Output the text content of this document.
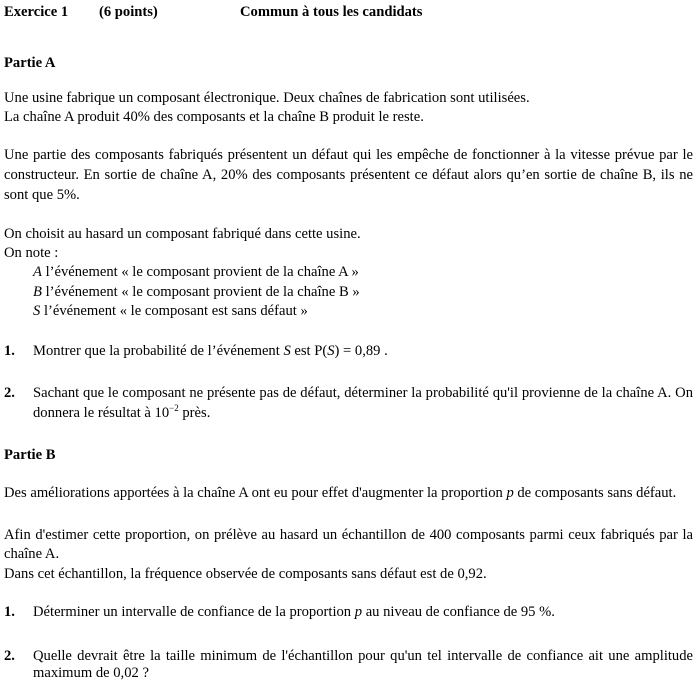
Exercice 1 (6 points)	Commun à tous les candidats
Partie A
Une usine fabrique un composant électronique. Deux chaînes de fabrication sont utilisées.
La chaîne A produit 40% des composants et la chaîne B produit le reste.
Une partie des composants fabriqués présentent un défaut qui les empêche de fonctionner à la vitesse prévue par le
constructeur. En sortie de chaîne A, 20% des composants présentent ce défaut alors qu’en sortie de chaîne B, ils ne
sont que 5%.
On choisit au hasard un composant fabriqué dans cette usine.
On note :
A l’événement « le composant provient de la chaîne A »
B l’événement « le composant provient de la chaîne B »
S l’événement « le composant est sans défaut »
1. Montrer que la probabilité de l’événement S est P(S) = 0,89 .
2. Sachant que le composant ne présente pas de défaut, déterminer la probabilité qu'il provienne de la chaîne A. On
donnera le résultat à $10^{-2}$ près.
Partie B
Des améliorations apportées à la chaîne A ont eu pour effet d'augmenter la proportion p de composants sans défaut.
Afin d'estimer cette proportion, on prélève au hasard un échantillon de 400 composants parmi ceux fabriqués par la
chaîne A.
Dans cet échantillon, la fréquence observée de composants sans défaut est de 0,92.
1. Déterminer un intervalle de confiance de la proportion p au niveau de confiance de 95 %.
2. Quelle devrait être la taille minimum de l'échantillon pour qu'un tel intervalle de confiance ait une amplitude
maximum de 0,02 ?
